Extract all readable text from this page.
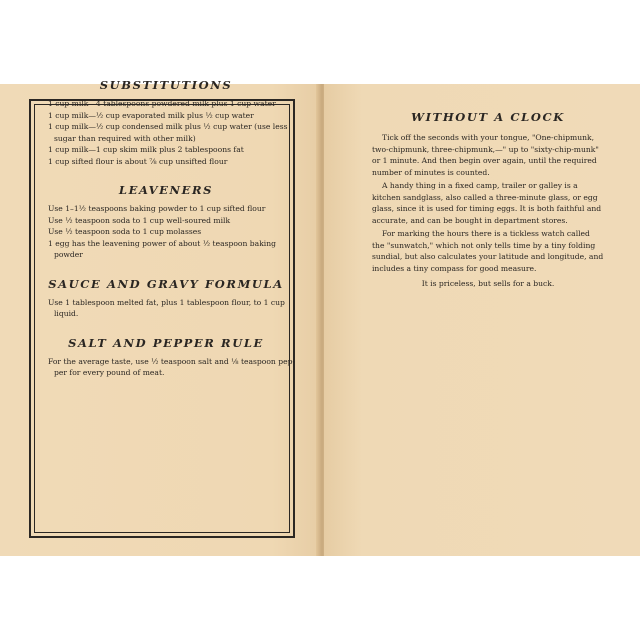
SUBSTITUTIONS
1 cup milk—4 tablespoons powdered milk plus 1 cup water
1 cup milk—½ cup evaporated milk plus ½ cup water
1 cup milk—½ cup condensed milk plus ½ cup water (use less
sugar than required with other milk)
1 cup milk—1 cup skim milk plus 2 tablespoons fat
1 cup sifted flour is about ⅞ cup unsifted flour
LEAVENERS
Use 1–1½ teaspoons baking powder to 1 cup sifted flour
Use ½ teaspoon soda to 1 cup well-soured milk
Use ½ teaspoon soda to 1 cup molasses
1 egg has the leavening power of about ½ teaspoon baking
powder
SAUCE AND GRAVY FORMULA
Use 1 tablespoon melted fat, plus 1 tablespoon flour, to 1 cup
liquid.
SALT AND PEPPER RULE
For the average taste, use ½ teaspoon salt and ⅛ teaspoon pep-
per for every pound of meat.
WITHOUT A CLOCK
Tick off the seconds with your tongue, "One-chipmunk, two-chipmunk, three-chipmunk,—" up to "sixty-chip-munk" or 1 minute. And then begin over again, until the required number of minutes is counted.
A handy thing in a fixed camp, trailer or galley is a kitchen sandglass, also called a three-minute glass, or egg glass, since it is used for timing eggs. It is both faithful and accurate, and can be bought in department stores.
For marking the hours there is a tickless watch called the "sunwatch," which not only tells time by a tiny folding sundial, but also calculates your latitude and longitude, and includes a tiny compass for good measure.
It is priceless, but sells for a buck.
